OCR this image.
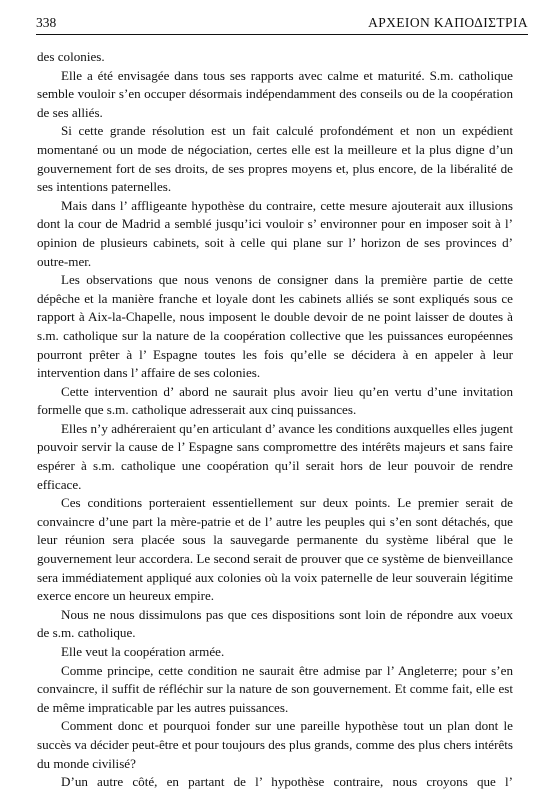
338	ΑΡΧΕΙΟΝ ΚΑΠΟΔΙΣΤΡΙΑ

des colonies.

Elle a été envisagée dans tous ses rapports avec calme et maturité. S.m. catholique semble vouloir s’en occuper désormais indépendamment des conseils ou de la coopération de ses alliés.

Si cette grande résolution est un fait calculé profondément et non un expédient momentané ou un mode de négociation, certes elle est la meilleure et la plus digne d’un gouvernement fort de ses droits, de ses propres moyens et, plus encore, de la libéralité de ses intentions paternelles.

Mais dans l’ affligeante hypothèse du contraire, cette mesure ajouterait aux illusions dont la cour de Madrid a semblé jusqu’ici vouloir s’ environner pour en imposer soit à l’ opinion de plusieurs cabinets, soit à celle qui plane sur l’ horizon de ses provinces d’ outre-mer.

Les observations que nous venons de consigner dans la première partie de cette dépêche et la manière franche et loyale dont les cabinets alliés se sont expliqués sous ce rapport à Aix-la-Chapelle, nous imposent le double devoir de ne point laisser de doutes à s.m. catholique sur la nature de la coopération collective que les puissances européennes pourront prêter à l’ Espagne toutes les fois qu’elle se décidera à en appeler à leur intervention dans l’ affaire de ses colonies.

Cette intervention d’ abord ne saurait plus avoir lieu qu’en vertu d’une invitation formelle que s.m. catholique adresserait aux cinq puissances.

Elles n’y adhéreraient qu’en articulant d’ avance les conditions auxquelles elles jugent pouvoir servir la cause de l’ Espagne sans compromettre des intérêts majeurs et sans faire espérer à s.m. catholique une coopération qu’il serait hors de leur pouvoir de rendre efficace.

Ces conditions porteraient essentiellement sur deux points. Le premier serait de convaincre d’une part la mère-patrie et de l’ autre les peuples qui s’en sont détachés, que leur réunion sera placée sous la sauvegarde permanente du système libéral que le gouvernement leur accordera. Le second serait de prouver que ce système de bienveillance sera immédiatement appliqué aux colonies où la voix paternelle de leur souverain légitime exerce encore un heureux empire.

Nous ne nous dissimulons pas que ces dispositions sont loin de répondre aux voeux de s.m. catholique.

Elle veut la coopération armée.

Comme principe, cette condition ne saurait être admise par l’ Angleterre; pour s’en convaincre, il suffit de réfléchir sur la nature de son gouvernement. Et comme fait, elle est de même impraticable par les autres puissances.

Comment donc et pourquoi fonder sur une pareille hypothèse tout un plan dont le succès va décider peut-être et pour toujours des plus grands, comme des plus chers intérêts du monde civilisé?

D’un autre côté, en partant de l’ hypothèse contraire, nous croyons que l’
